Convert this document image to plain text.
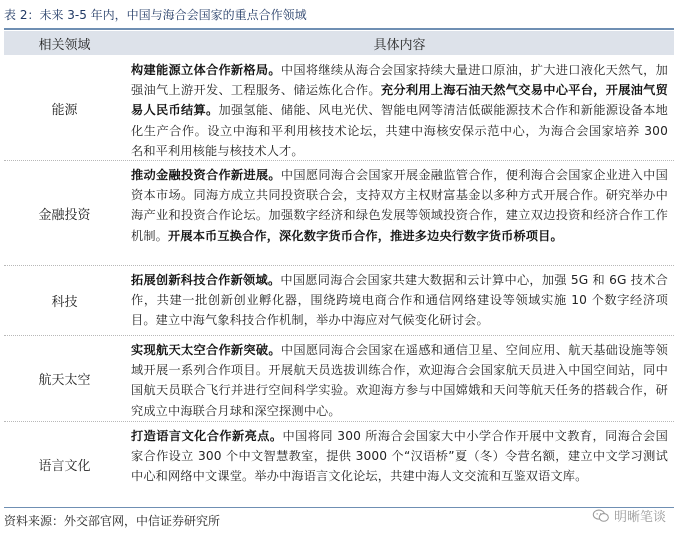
表 2：未来 3-5 年内，中国与海合会国家的重点合作领域
相关领域	具体内容
能源
构建能源立体合作新格局。中国将继续从海合会国家持续大量进口原油，扩大进口液化天然气，加强油气上游开发、工程服务、储运炼化合作。充分利用上海石油天然气交易中心平台，开展油气贸易人民币结算。加强氢能、储能、风电光伏、智能电网等清洁低碳能源技术合作和新能源设备本地化生产合作。设立中海和平利用核技术论坛，共建中海核安保示范中心，为海合会国家培养 300 名和平利用核能与核技术人才。
金融投资
推动金融投资合作新进展。中国愿同海合会国家开展金融监管合作，便利海合会国家企业进入中国资本市场。同海方成立共同投资联合会，支持双方主权财富基金以多种方式开展合作。研究举办中海产业和投资合作论坛。加强数字经济和绿色发展等领域投资合作，建立双边投资和经济合作工作机制。开展本币互换合作，深化数字货币合作，推进多边央行数字货币桥项目。
科技
拓展创新科技合作新领域。中国愿同海合会国家共建大数据和云计算中心，加强 5G 和 6G 技术合作，共建一批创新创业孵化器，围绕跨境电商合作和通信网络建设等领域实施 10 个数字经济项目。建立中海气象科技合作机制，举办中海应对气候变化研讨会。
航天太空
实现航天太空合作新突破。中国愿同海合会国家在遥感和通信卫星、空间应用、航天基础设施等领域开展一系列合作项目。开展航天员选拔训练合作，欢迎海合会国家航天员进入中国空间站，同中国航天员联合飞行并进行空间科学实验。欢迎海方参与中国嫦娥和天问等航天任务的搭载合作，研究成立中海联合月球和深空探测中心。
语言文化
打造语言文化合作新亮点。中国将同 300 所海合会国家大中小学合作开展中文教育，同海合会国家合作设立 300 个中文智慧教室，提供 3000 个“汉语桥”夏（冬）令营名额，建立中文学习测试中心和网络中文课堂。举办中海语言文化论坛，共建中海人文交流和互鉴双语文库。
资料来源：外交部官网，中信证券研究所	明晰笔谈
